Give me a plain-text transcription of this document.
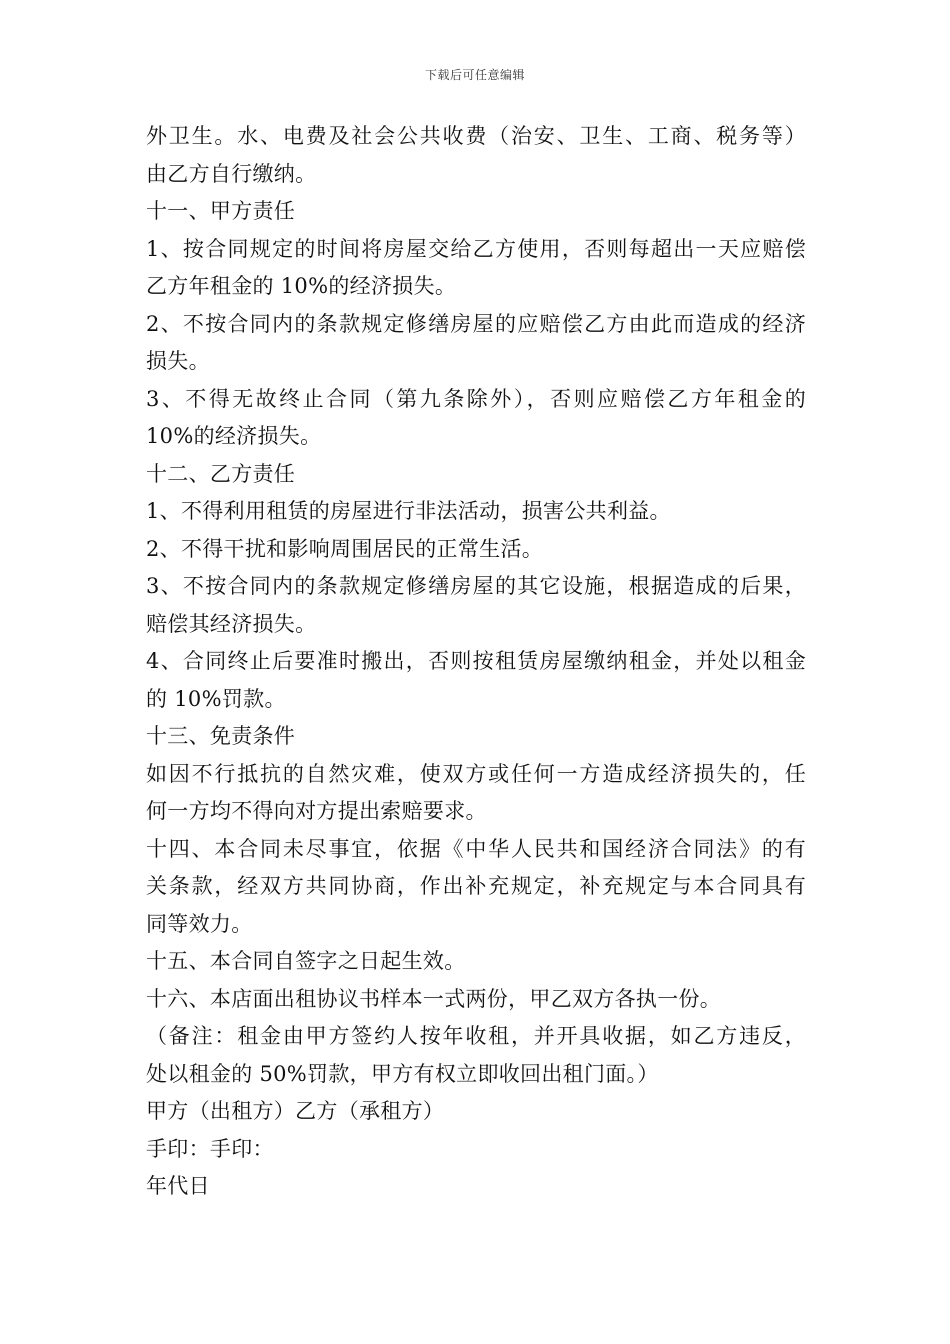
下载后可任意编辑
外卫生。水、电费及社会公共收费（治安、卫生、工商、税务等）
由乙方自行缴纳。
十一、甲方责任
1、按合同规定的时间将房屋交给乙方使用，否则每超出一天应赔偿
乙方年租金的 10%的经济损失。
2、不按合同内的条款规定修缮房屋的应赔偿乙方由此而造成的经济
损失。
3、不得无故终止合同（第九条除外），否则应赔偿乙方年租金的
10%的经济损失。
十二、乙方责任
1、不得利用租赁的房屋进行非法活动，损害公共利益。
2、不得干扰和影响周围居民的正常生活。
3、不按合同内的条款规定修缮房屋的其它设施，根据造成的后果，
赔偿其经济损失。
4、合同终止后要准时搬出，否则按租赁房屋缴纳租金，并处以租金
的 10%罚款。
十三、免责条件
如因不行抵抗的自然灾难，使双方或任何一方造成经济损失的，任
何一方均不得向对方提出索赔要求。
十四、本合同未尽事宜，依据《中华人民共和国经济合同法》的有
关条款，经双方共同协商，作出补充规定，补充规定与本合同具有
同等效力。
十五、本合同自签字之日起生效。
十六、本店面出租协议书样本一式两份，甲乙双方各执一份。
（备注：租金由甲方签约人按年收租，并开具收据，如乙方违反，
处以租金的 50%罚款，甲方有权立即收回出租门面。）
甲方（出租方）乙方（承租方）
手印：手印：
年代日
